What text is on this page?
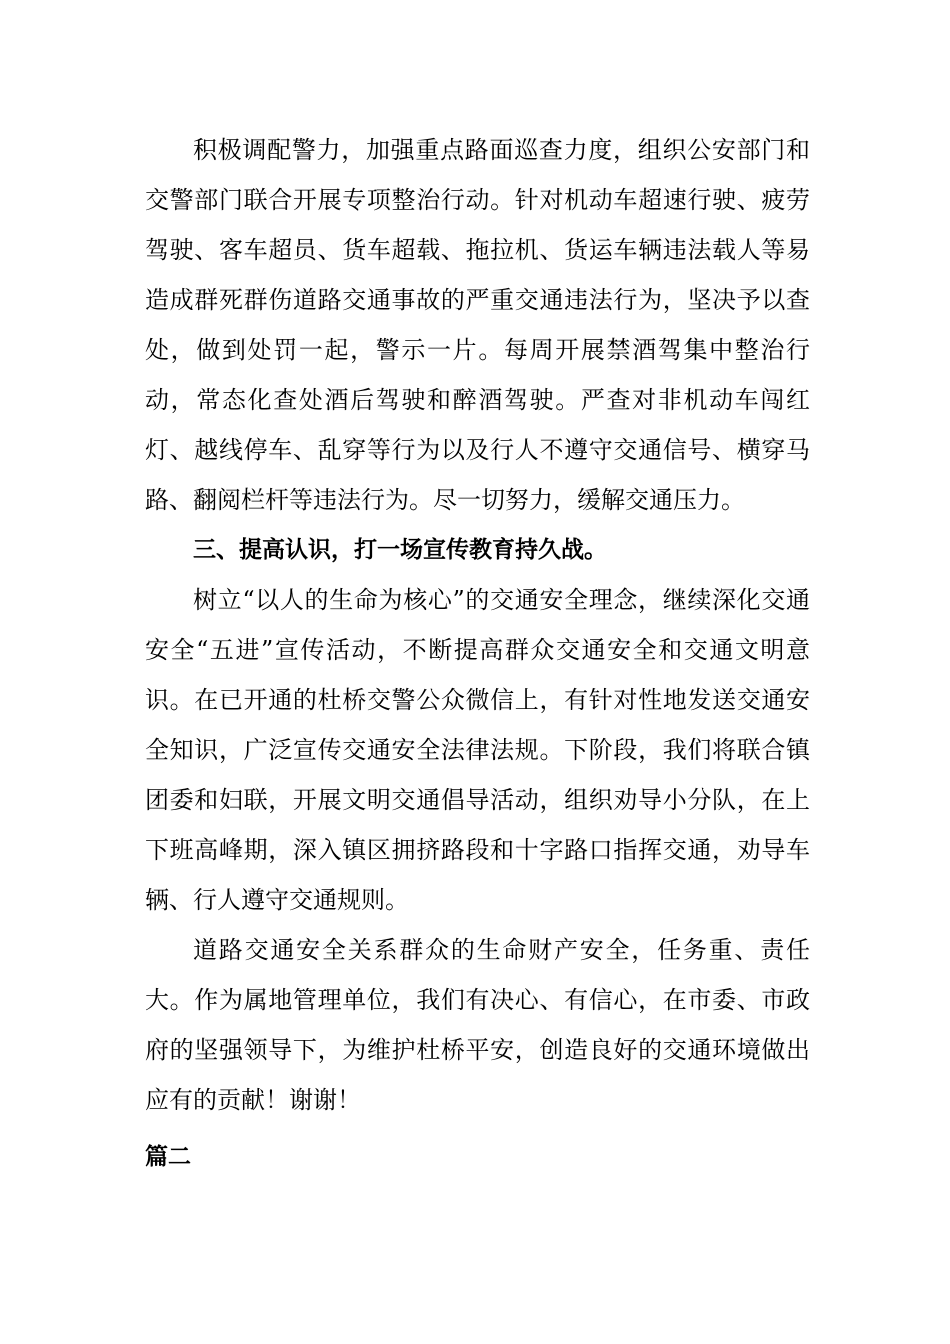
积极调配警力，加强重点路面巡查力度，组织公安部门和交警部门联合开展专项整治行动。针对机动车超速行驶、疲劳驾驶、客车超员、货车超载、拖拉机、货运车辆违法载人等易造成群死群伤道路交通事故的严重交通违法行为，坚决予以查处，做到处罚一起，警示一片。每周开展禁酒驾集中整治行动，常态化查处酒后驾驶和醉酒驾驶。严查对非机动车闯红灯、越线停车、乱穿等行为以及行人不遵守交通信号、横穿马路、翻阅栏杆等违法行为。尽一切努力，缓解交通压力。

三、提高认识，打一场宣传教育持久战。

树立“以人的生命为核心”的交通安全理念，继续深化交通安全“五进”宣传活动，不断提高群众交通安全和交通文明意识。在已开通的杜桥交警公众微信上，有针对性地发送交通安全知识，广泛宣传交通安全法律法规。下阶段，我们将联合镇团委和妇联，开展文明交通倡导活动，组织劝导小分队，在上下班高峰期，深入镇区拥挤路段和十字路口指挥交通，劝导车辆、行人遵守交通规则。

道路交通安全关系群众的生命财产安全，任务重、责任大。作为属地管理单位，我们有决心、有信心，在市委、市政府的坚强领导下，为维护杜桥平安，创造良好的交通环境做出应有的贡献！谢谢！

篇二
